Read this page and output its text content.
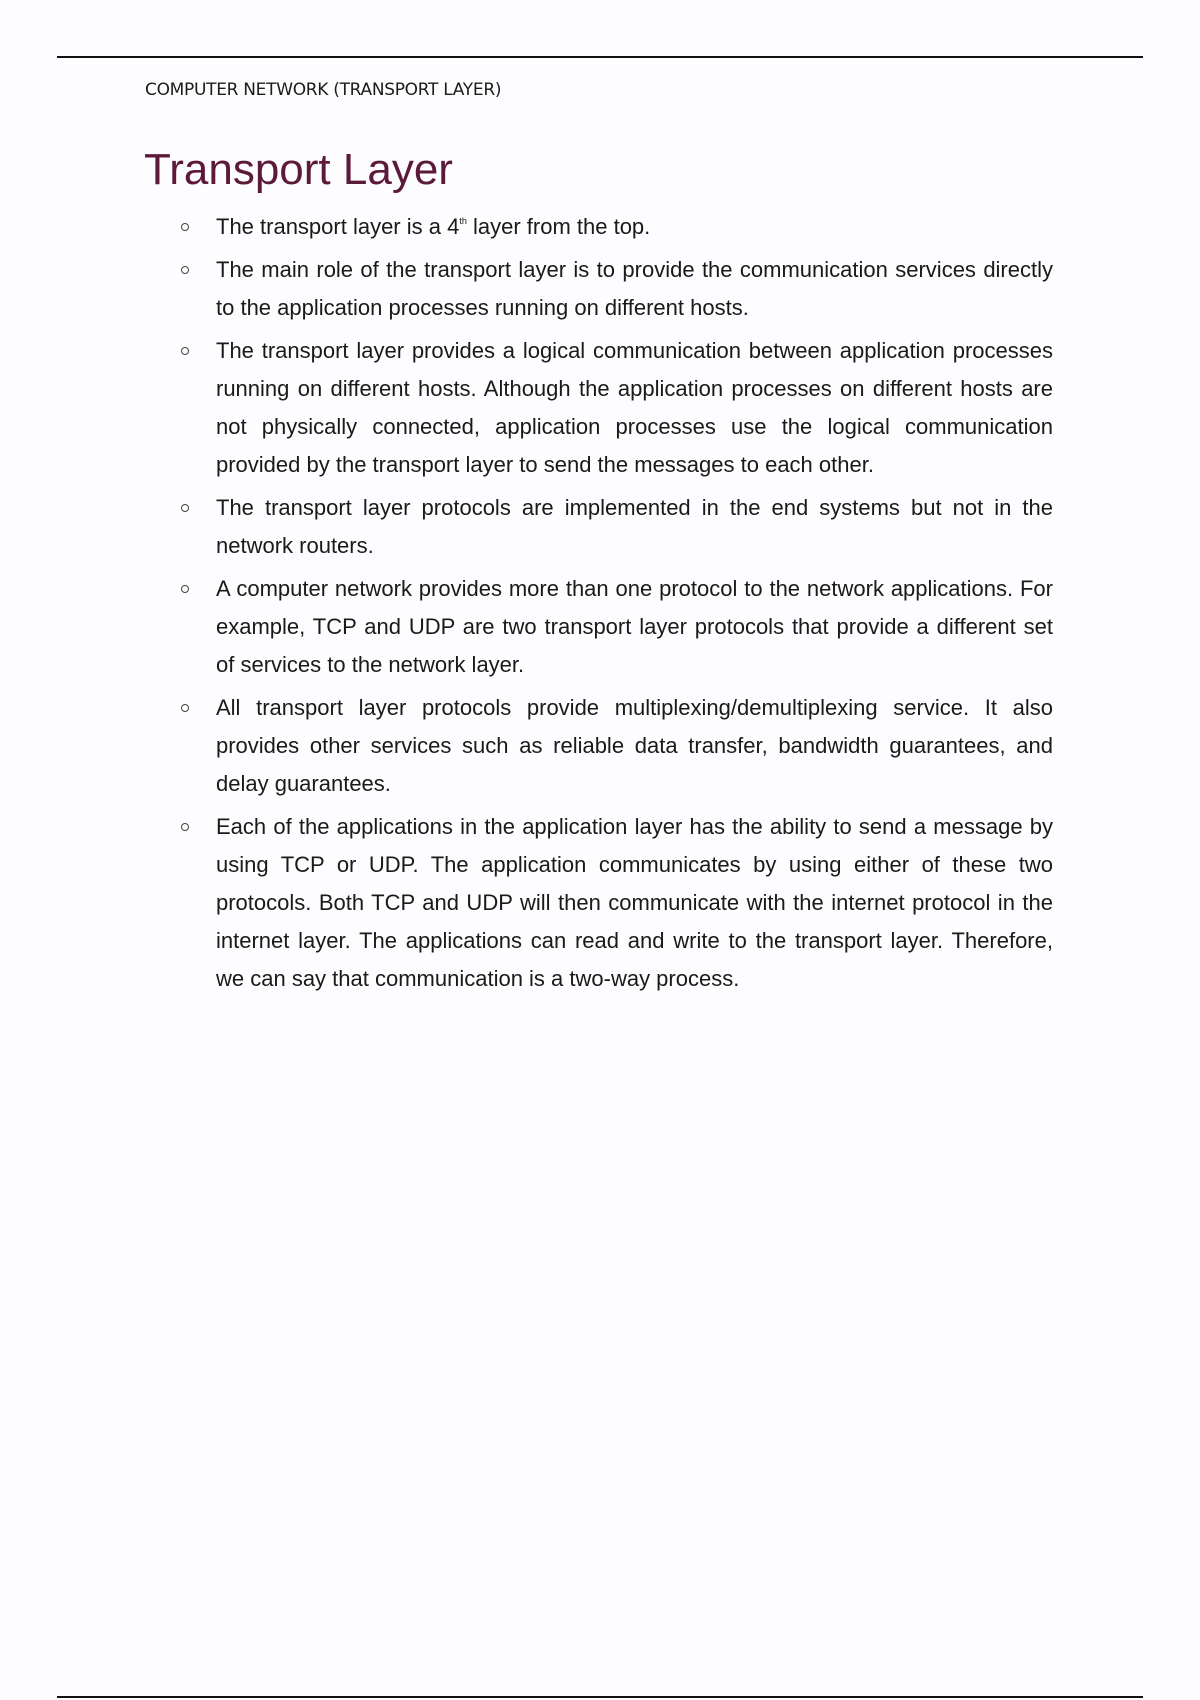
COMPUTER NETWORK (TRANSPORT LAYER)
Transport Layer
The transport layer is a 4th layer from the top.
The main role of the transport layer is to provide the communication services directly to the application processes running on different hosts.
The transport layer provides a logical communication between application processes running on different hosts. Although the application processes on different hosts are not physically connected, application processes use the logical communication provided by the transport layer to send the messages to each other.
The transport layer protocols are implemented in the end systems but not in the network routers.
A computer network provides more than one protocol to the network applications. For example, TCP and UDP are two transport layer protocols that provide a different set of services to the network layer.
All transport layer protocols provide multiplexing/demultiplexing service. It also provides other services such as reliable data transfer, bandwidth guarantees, and delay guarantees.
Each of the applications in the application layer has the ability to send a message by using TCP or UDP. The application communicates by using either of these two protocols. Both TCP and UDP will then communicate with the internet protocol in the internet layer. The applications can read and write to the transport layer. Therefore, we can say that communication is a two-way process.
